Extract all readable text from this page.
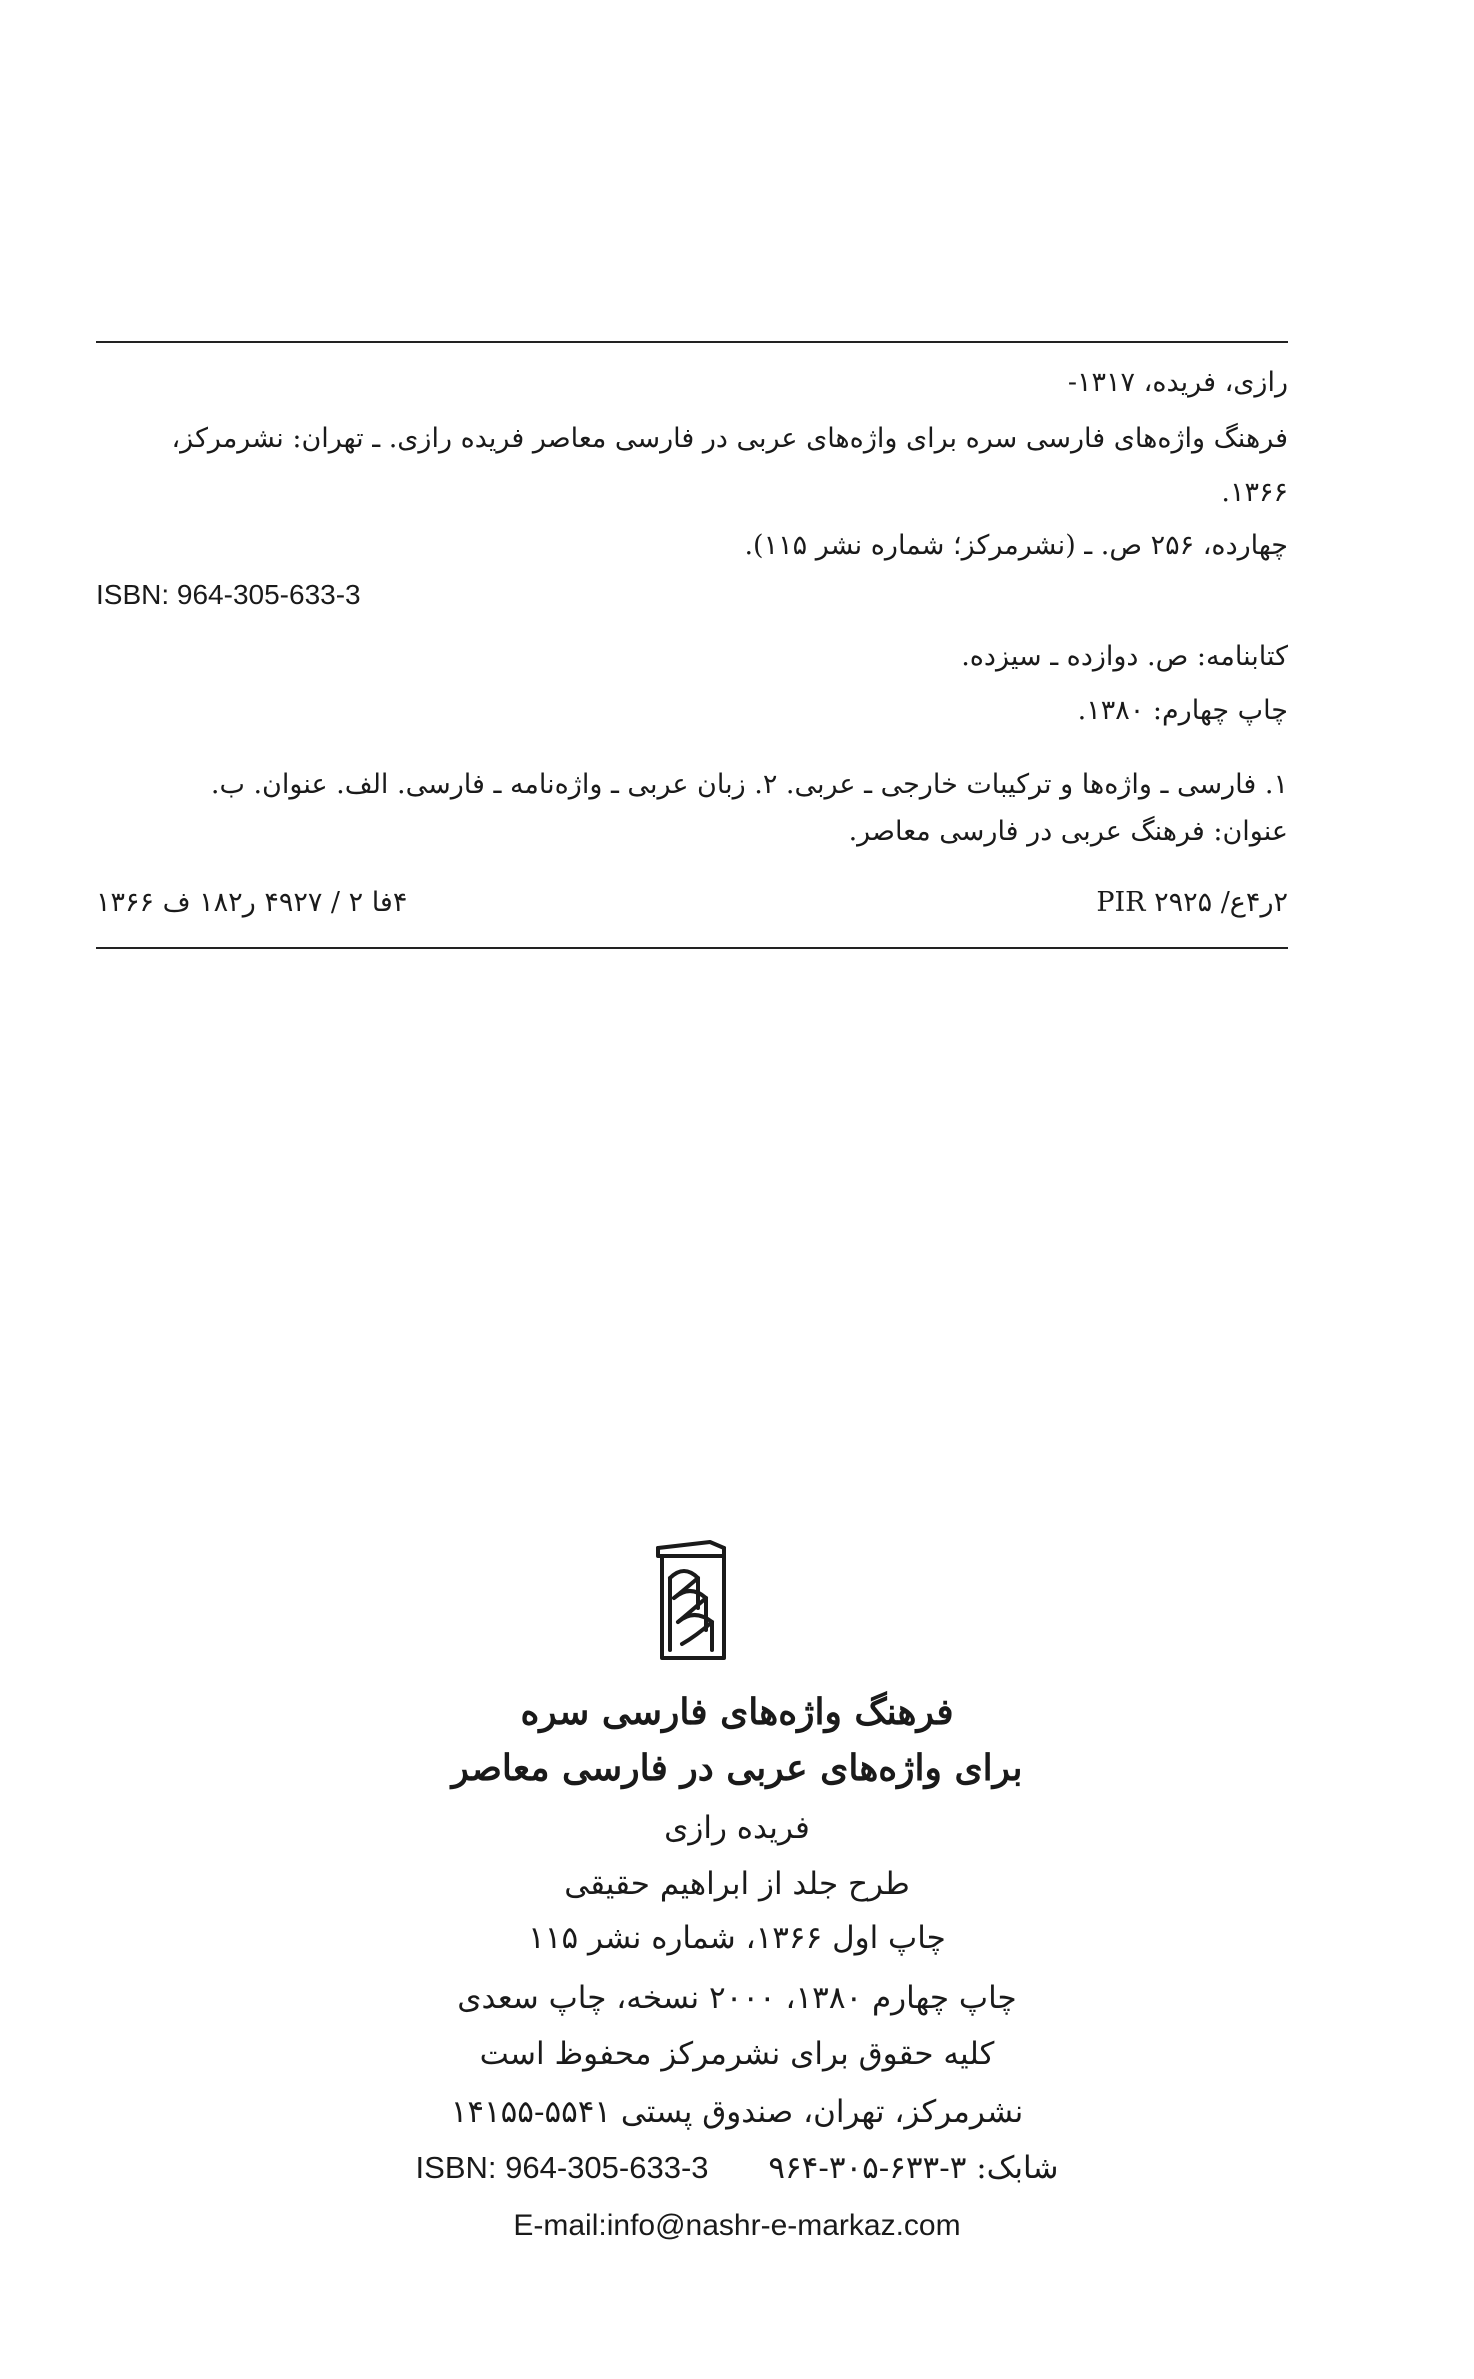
رازی، فریده، ۱۳۱۷-
فرهنگ واژه‌های فارسی سره برای واژه‌های عربی در فارسی معاصر فریده رازی. ـ تهران: نشرمرکز،
۱۳۶۶.
چهارده، ۲۵۶ ص. ـ (نشرمرکز؛ شماره نشر ۱۱۵).
ISBN: 964-305-633-3
کتابنامه: ص. دوازده ـ سیزده.
چاپ چهارم: ۱۳۸۰.
۱. فارسی ـ واژه‌ها و ترکیبات خارجی ـ عربی. ۲. زبان عربی ـ واژه‌نامه ـ فارسی. الف. عنوان. ب.
عنوان: فرهنگ عربی در فارسی معاصر.
۲ر۴ع/ ۲۹۲۵ PIR
۴فا ۲ / ۴۹۲۷ ر۱۸۲ ف ۱۳۶۶
فرهنگ واژه‌های فارسی سره
برای واژه‌های عربی در فارسی معاصر
فریده رازی
طرح جلد از ابراهیم حقیقی
چاپ اول ۱۳۶۶، شماره نشر ۱۱۵
چاپ چهارم ۱۳۸۰، ۲۰۰۰ نسخه، چاپ سعدی
کلیه حقوق برای نشرمرکز محفوظ است
نشرمرکز، تهران، صندوق پستی ۵۵۴۱-۱۴۱۵۵
ISBN: 964-305-633-3 شابک: ۳-۶۳۳-۳۰۵-۹۶۴
E-mail:info@nashr-e-markaz.com
